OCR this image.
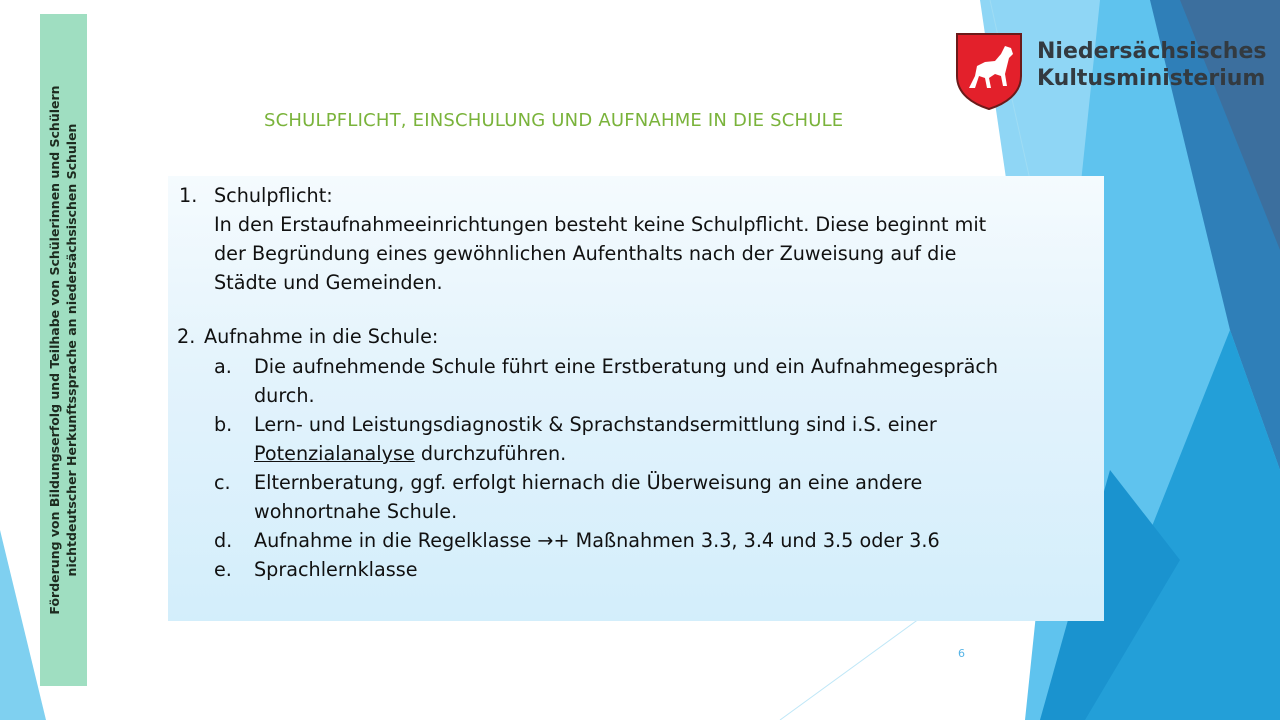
Förderung von Bildungserfolg und Teilhabe von Schülerinnen und Schülern nichtdeutscher Herkunftssprache an niedersächsischen Schulen
Niedersächsisches
Kultusministerium
SCHULPFLICHT, EINSCHULUNG UND AUFNAHME IN DIE SCHULE
1. Schulpflicht:
In den Erstaufnahmeeinrichtungen besteht keine Schulpflicht. Diese beginnt mit
der Begründung eines gewöhnlichen Aufenthalts nach der Zuweisung auf die
Städte und Gemeinden.
2. Aufnahme in die Schule:
a. Die aufnehmende Schule führt eine Erstberatung und ein Aufnahmegespräch
durch.
b. Lern- und Leistungsdiagnostik & Sprachstandsermittlung sind i.S. einer
Potenzialanalyse durchzuführen.
c. Elternberatung, ggf. erfolgt hiernach die Überweisung an eine andere
wohnortnahe Schule.
d. Aufnahme in die Regelklasse →+ Maßnahmen 3.3, 3.4 und 3.5 oder 3.6
e. Sprachlernklasse
6
